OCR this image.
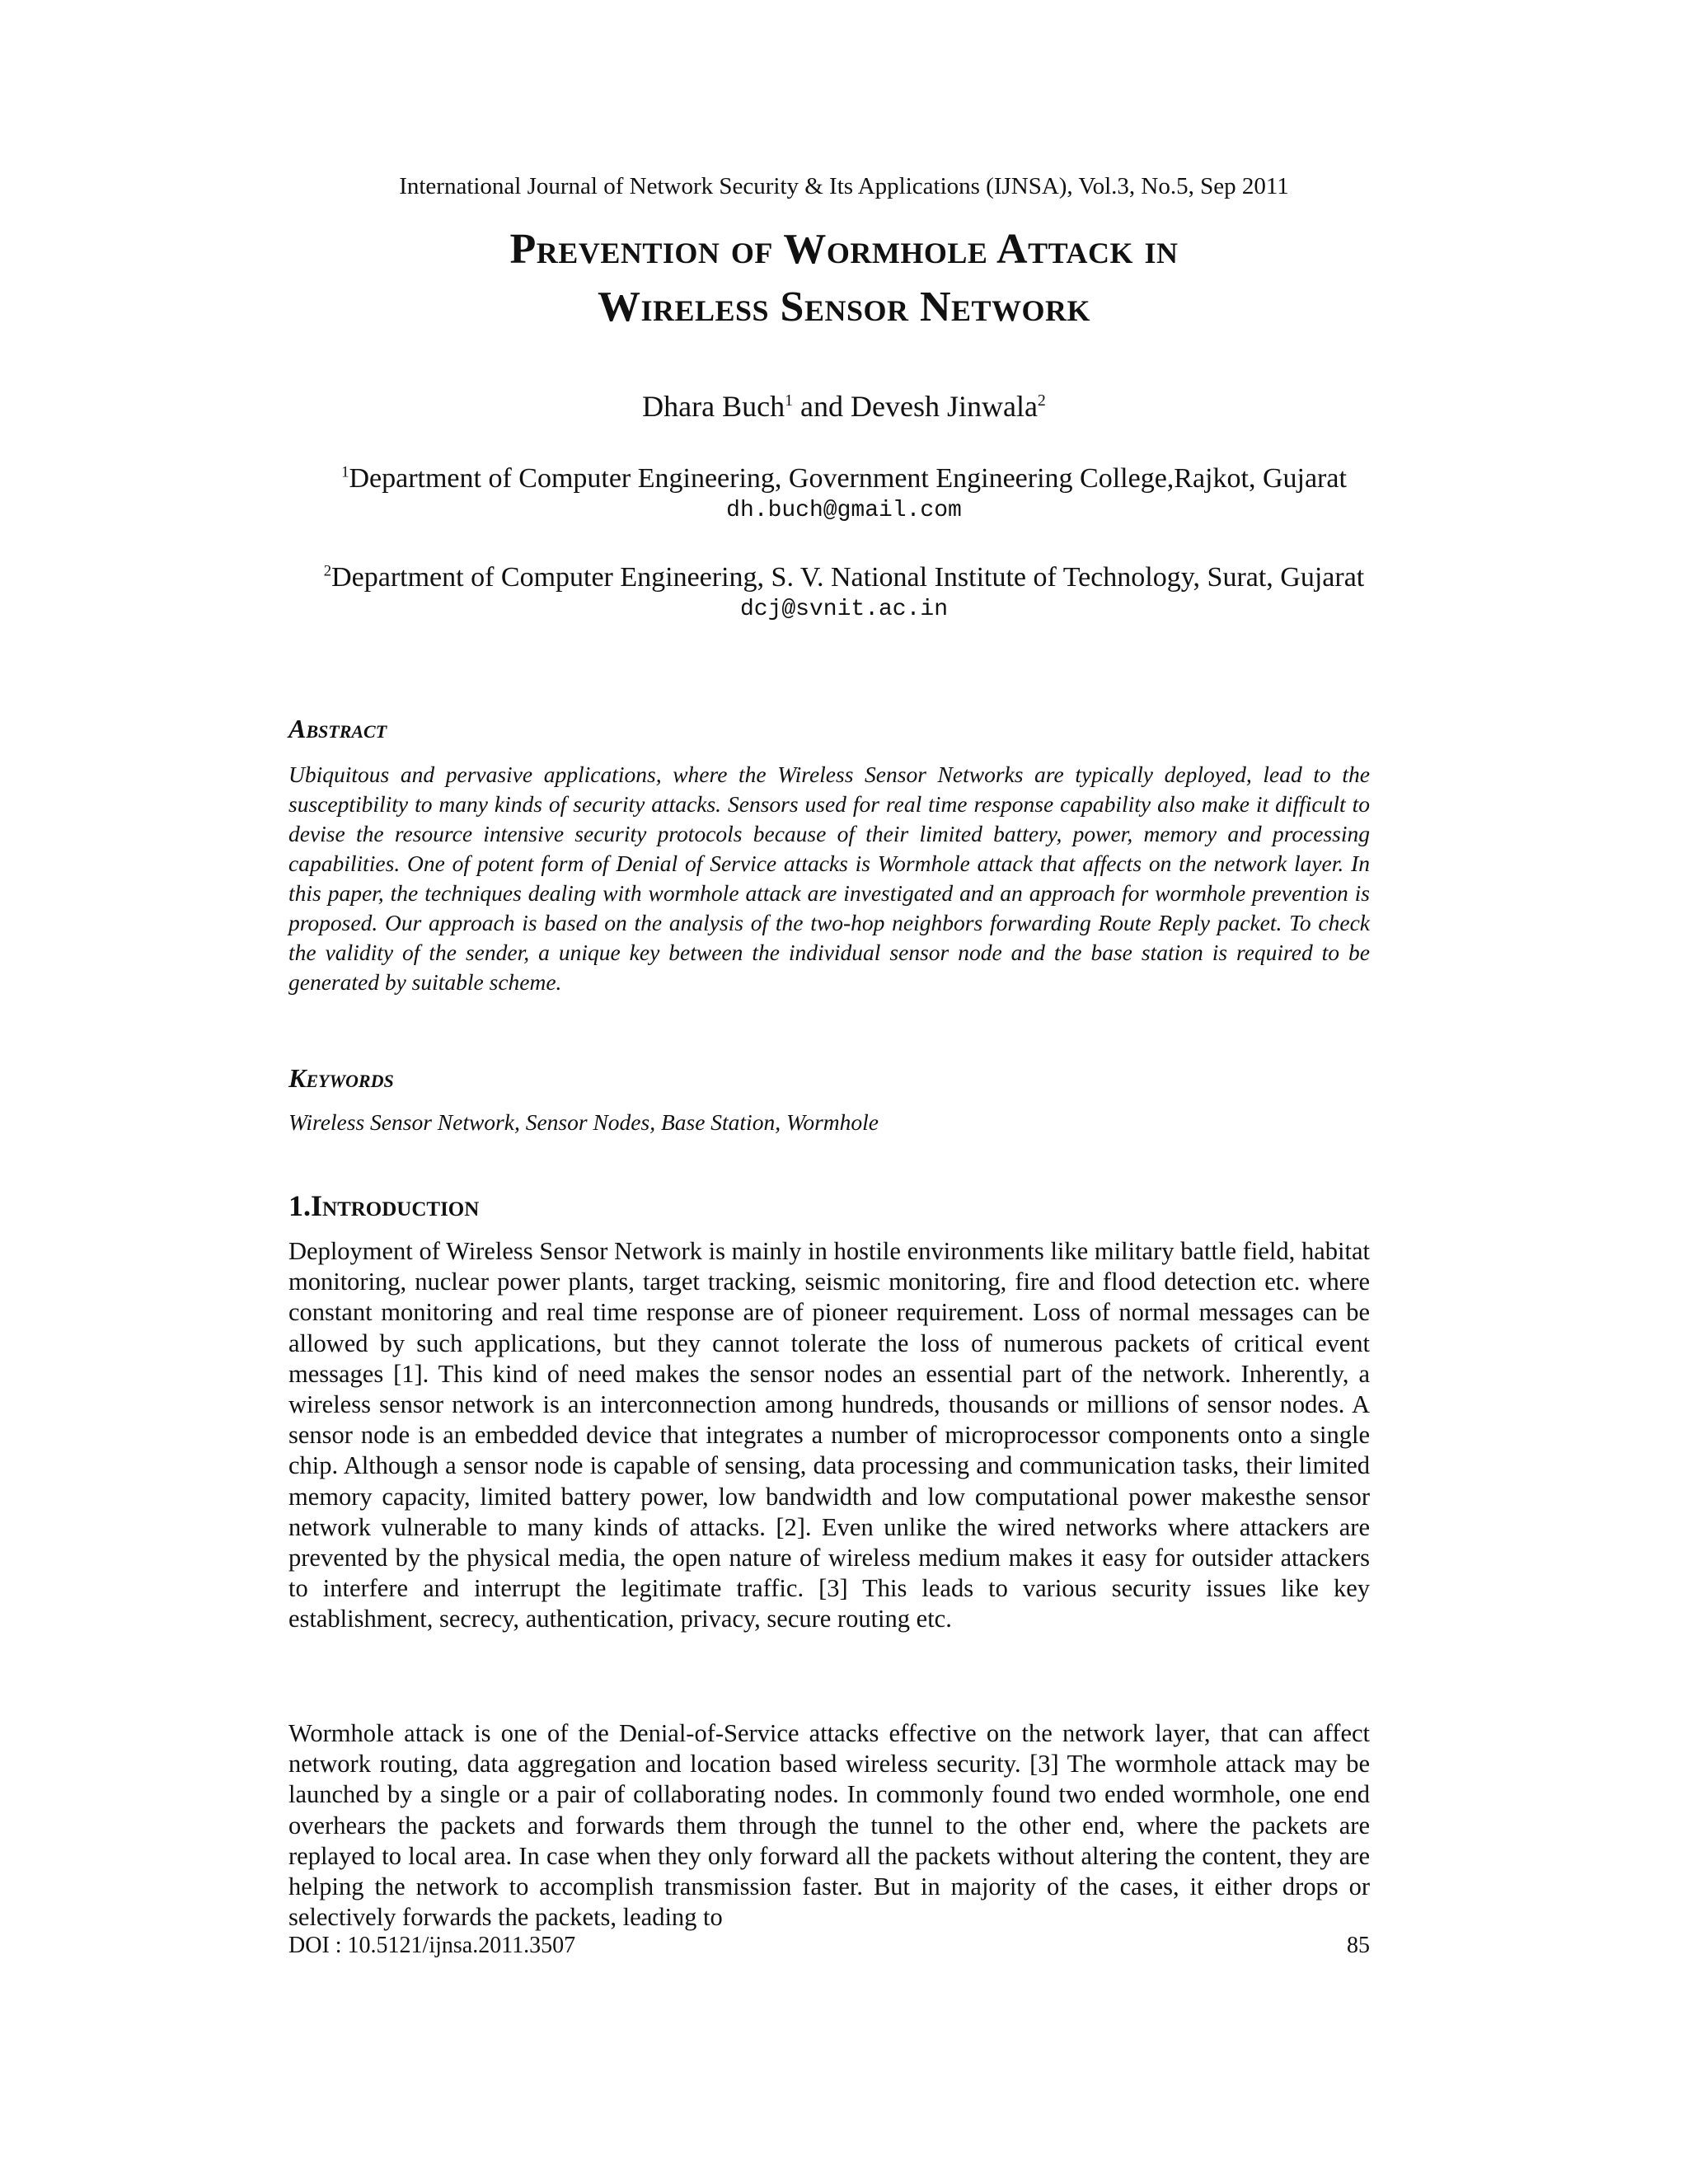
International Journal of Network Security & Its Applications (IJNSA), Vol.3, No.5, Sep 2011
Prevention of Wormhole Attack in
Wireless Sensor Network
Dhara Buch$^1$ and Devesh Jinwala$^2$
$^1$Department of Computer Engineering, Government Engineering College,Rajkot, Gujarat
dh.buch@gmail.com
$^2$Department of Computer Engineering, S. V. National Institute of Technology, Surat, Gujarat
dcj@svnit.ac.in
Abstract
Ubiquitous and pervasive applications, where the Wireless Sensor Networks are typically deployed, lead to the susceptibility to many kinds of security attacks. Sensors used for real time response capability also make it difficult to devise the resource intensive security protocols because of their limited battery, power, memory and processing capabilities. One of potent form of Denial of Service attacks is Wormhole attack that affects on the network layer. In this paper, the techniques dealing with wormhole attack are investigated and an approach for wormhole prevention is proposed. Our approach is based on the analysis of the two-hop neighbors forwarding Route Reply packet. To check the validity of the sender, a unique key between the individual sensor node and the base station is required to be generated by suitable scheme.
Keywords
Wireless Sensor Network, Sensor Nodes, Base Station, Wormhole
1.Introduction
Deployment of Wireless Sensor Network is mainly in hostile environments like military battle field, habitat monitoring, nuclear power plants, target tracking, seismic monitoring, fire and flood detection etc. where constant monitoring and real time response are of pioneer requirement. Loss of normal messages can be allowed by such applications, but they cannot tolerate the loss of numerous packets of critical event messages [1]. This kind of need makes the sensor nodes an essential part of the network. Inherently, a wireless sensor network is an interconnection among hundreds, thousands or millions of sensor nodes. A sensor node is an embedded device that integrates a number of microprocessor components onto a single chip. Although a sensor node is capable of sensing, data processing and communication tasks, their limited memory capacity, limited battery power, low bandwidth and low computational power makesthe sensor network vulnerable to many kinds of attacks. [2]. Even unlike the wired networks where attackers are prevented by the physical media, the open nature of wireless medium makes it easy for outsider attackers to interfere and interrupt the legitimate traffic. [3] This leads to various security issues like key establishment, secrecy, authentication, privacy, secure routing etc.
Wormhole attack is one of the Denial-of-Service attacks effective on the network layer, that can affect network routing, data aggregation and location based wireless security. [3] The wormhole attack may be launched by a single or a pair of collaborating nodes. In commonly found two ended wormhole, one end overhears the packets and forwards them through the tunnel to the other end, where the packets are replayed to local area. In case when they only forward all the packets without altering the content, they are helping the network to accomplish transmission faster. But in majority of the cases, it either drops or selectively forwards the packets, leading to
DOI : 10.5121/ijnsa.2011.3507	85
